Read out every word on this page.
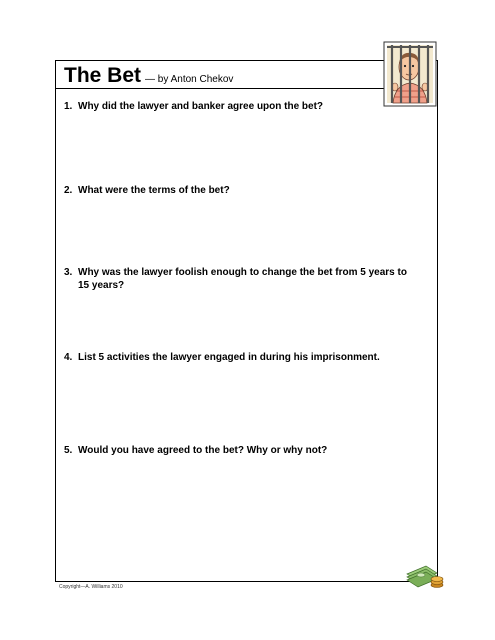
The Bet — by Anton Chekov
1. Why did the lawyer and banker agree upon the bet?
2. What were the terms of the bet?
3. Why was the lawyer foolish enough to change the bet from 5 years to 15 years?
4. List 5 activities the lawyer engaged in during his imprisonment.
5. Would you have agreed to the bet? Why or why not?
Copyright—A. Williams 2010
